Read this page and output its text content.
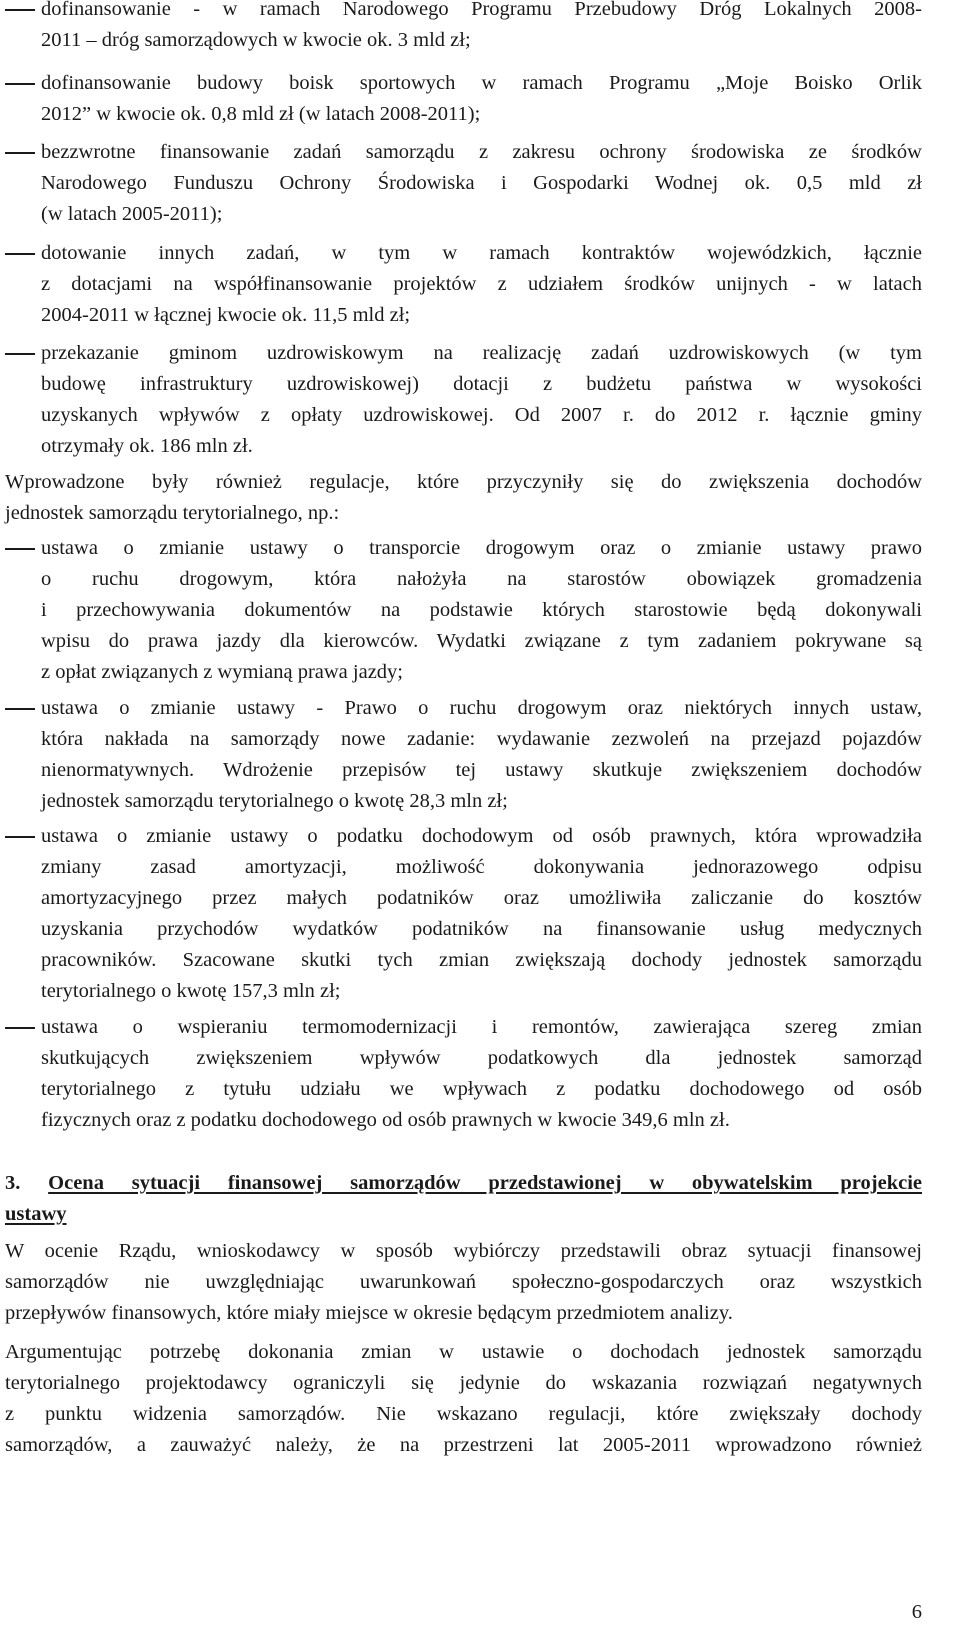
dofinansowanie - w ramach Narodowego Programu Przebudowy Dróg Lokalnych 2008-
2011 – dróg samorządowych w kwocie ok. 3 mld zł;
dofinansowanie budowy boisk sportowych w ramach Programu „Moje Boisko Orlik
2012” w kwocie ok. 0,8 mld zł (w latach 2008-2011);
bezzwrotne finansowanie zadań samorządu z zakresu ochrony środowiska ze środków
Narodowego Funduszu Ochrony Środowiska i Gospodarki Wodnej ok. 0,5 mld zł
(w latach 2005-2011);
dotowanie innych zadań, w tym w ramach kontraktów wojewódzkich, łącznie
z dotacjami na współfinansowanie projektów z udziałem środków unijnych - w latach
2004-2011 w łącznej kwocie ok. 11,5 mld zł;
przekazanie gminom uzdrowiskowym na realizację zadań uzdrowiskowych (w tym
budowę infrastruktury uzdrowiskowej) dotacji z budżetu państwa w wysokości
uzyskanych wpływów z opłaty uzdrowiskowej. Od 2007 r. do 2012 r. łącznie gminy
otrzymały ok. 186 mln zł.
Wprowadzone były również regulacje, które przyczyniły się do zwiększenia dochodów
jednostek samorządu terytorialnego, np.:
ustawa o zmianie ustawy o transporcie drogowym oraz o zmianie ustawy prawo
o ruchu drogowym, która nałożyła na starostów obowiązek gromadzenia
i przechowywania dokumentów na podstawie których starostowie będą dokonywali
wpisu do prawa jazdy dla kierowców. Wydatki związane z tym zadaniem pokrywane są
z opłat związanych z wymianą prawa jazdy;
ustawa o zmianie ustawy - Prawo o ruchu drogowym oraz niektórych innych ustaw,
która nakłada na samorządy nowe zadanie: wydawanie zezwoleń na przejazd pojazdów
nienormatywnych. Wdrożenie przepisów tej ustawy skutkuje zwiększeniem dochodów
jednostek samorządu terytorialnego o kwotę 28,3 mln zł;
ustawa o zmianie ustawy o podatku dochodowym od osób prawnych, która wprowadziła
zmiany zasad amortyzacji, możliwość dokonywania jednorazowego odpisu
amortyzacyjnego przez małych podatników oraz umożliwiła zaliczanie do kosztów
uzyskania przychodów wydatków podatników na finansowanie usług medycznych
pracowników. Szacowane skutki tych zmian zwiększają dochody jednostek samorządu
terytorialnego o kwotę 157,3 mln zł;
ustawa o wspieraniu termomodernizacji i remontów, zawierająca szereg zmian
skutkujących zwiększeniem wpływów podatkowych dla jednostek samorząd
terytorialnego z tytułu udziału we wpływach z podatku dochodowego od osób
fizycznych oraz z podatku dochodowego od osób prawnych w kwocie 349,6 mln zł.
3. Ocena sytuacji finansowej samorządów przedstawionej w obywatelskim projekcie
ustawy
W ocenie Rządu, wnioskodawcy w sposób wybiórczy przedstawili obraz sytuacji finansowej
samorządów nie uwzględniając uwarunkowań społeczno-gospodarczych oraz wszystkich
przepływów finansowych, które miały miejsce w okresie będącym przedmiotem analizy.
Argumentując potrzebę dokonania zmian w ustawie o dochodach jednostek samorządu
terytorialnego projektodawcy ograniczyli się jedynie do wskazania rozwiązań negatywnych
z punktu widzenia samorządów. Nie wskazano regulacji, które zwiększały dochody
samorządów, a zauważyć należy, że na przestrzeni lat 2005-2011 wprowadzono również
6
